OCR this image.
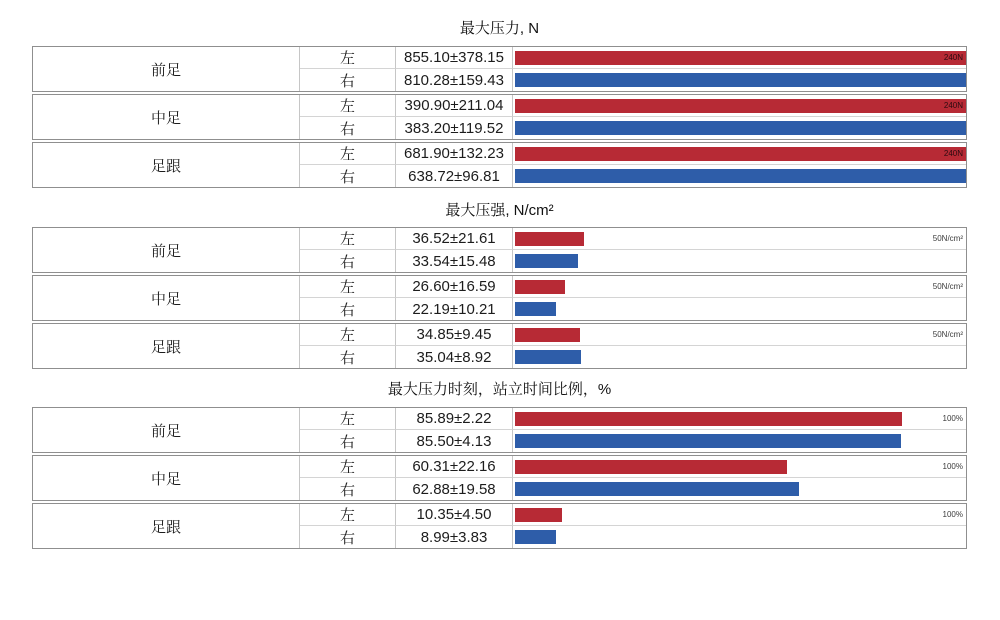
最大压力, N
前足
左	855.10±378.15	240N
右	810.28±159.43
中足
左	390.90±211.04	240N
右	383.20±119.52
足跟
左	681.90±132.23	240N
右	638.72±96.81
最大压强, N/cm²
前足
左	36.52±21.61	50N/cm²
右	33.54±15.48
中足
左	26.60±16.59	50N/cm²
右	22.19±10.21
足跟
左	34.85±9.45	50N/cm²
右	35.04±8.92
最大压力时刻，站立时间比例，%
前足
左	85.89±2.22	100%
右	85.50±4.13
中足
左	60.31±22.16	100%
右	62.88±19.58
足跟
左	10.35±4.50	100%
右	8.99±3.83
